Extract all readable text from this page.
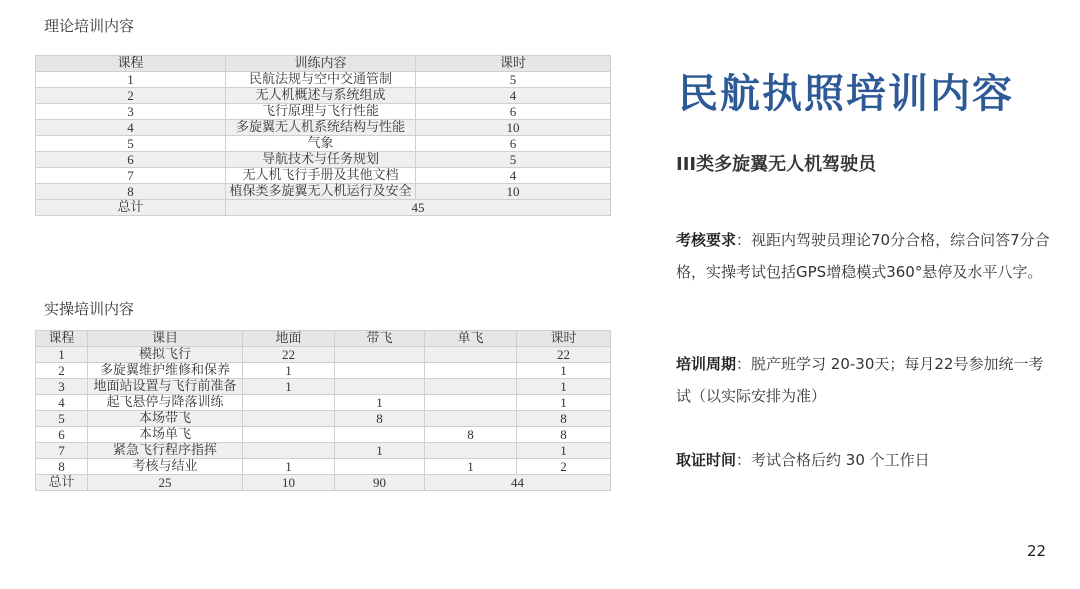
理论培训内容
课程	训练内容	课时
1	民航法规与空中交通管制	5
2	无人机概述与系统组成	4
3	飞行原理与飞行性能	6
4	多旋翼无人机系统结构与性能	10
5	气象	6
6	导航技术与任务规划	5
7	无人机飞行手册及其他文档	4
8	植保类多旋翼无人机运行及安全	10
总计	45	
实操培训内容
课程	课目	地面	带飞	单飞	课时
1	模拟飞行	22			22
2	多旋翼维护维修和保养	1			1
3	地面站设置与飞行前准备	1			1
4	起飞悬停与降落训练		1		1
5	本场带飞		8		8
6	本场单飞			8	8
7	紧急飞行程序指挥		1		1
8	考核与结业	1		1	2
总计	25	10	90	44	
民航执照培训内容
III类多旋翼无人机驾驶员
考核要求：视距内驾驶员理论70分合格，综合问答7分合格，实操考试包括GPS增稳模式360°悬停及水平八字。
培训周期：脱产班学习 20-30天；每月22号参加统一考试（以实际安排为准）
取证时间：考试合格后约 30 个工作日
22
